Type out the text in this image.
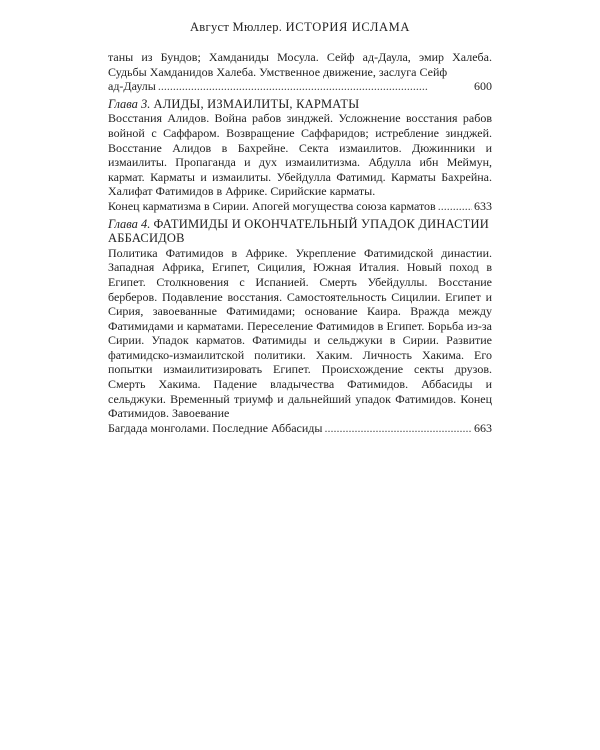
Август Мюллер. ИСТОРИЯ ИСЛАМА
таны из Бундов; Хамданиды Мосула. Сейф ад-Даула, эмир Халеба. Судьбы Хамданидов Халеба. Умственное движение, заслуга Сейф
ад-Даулы . . .	600
Глава 3. АЛИДЫ, ИЗМАИЛИТЫ, КАРМАТЫ
Восстания Алидов. Война рабов зинджей. Усложнение восстания рабов войной с Саффаром. Возвращение Саффаридов; истребление зинджей. Восстание Алидов в Бахрейне. Секта измаилитов. Дюжинники и измаилиты. Пропаганда и дух измаилитизма. Абдулла ибн Меймун, кармат. Карматы и измаилиты. Убейдулла Фатимид. Карматы Бахрейна. Халифат Фатимидов в Африке. Сирийские карматы.
Конец карматизма в Сирии. Апогей могущества союза карматов . . .	633
Глава 4. ФАТИМИДЫ И ОКОНЧАТЕЛЬНЫЙ УПАДОК ДИНАСТИИ АББАСИДОВ
Политика Фатимидов в Африке. Укрепление Фатимидской династии. Западная Африка, Египет, Сицилия, Южная Италия. Новый поход в Египет. Столкновения с Испанией. Смерть Убейдуллы. Восстание берберов. Подавление восстания. Самостоятельность Сицилии. Египет и Сирия, завоеванные Фатимидами; основание Каира. Вражда между Фатимидами и карматами. Переселение Фатимидов в Египет. Борьба из-за Сирии. Упадок карматов. Фатимиды и сельджуки в Сирии. Развитие фатимидско-измаилитской политики. Хаким. Личность Хакима. Его попытки измаилитизировать Египет. Происхождение секты друзов. Смерть Хакима. Падение владычества Фатимидов. Аббасиды и сельджуки. Временный триумф и дальнейший упадок Фатимидов. Конец Фатимидов. Завоевание
Багдада монголами. Последние Аббасиды . . .	663
